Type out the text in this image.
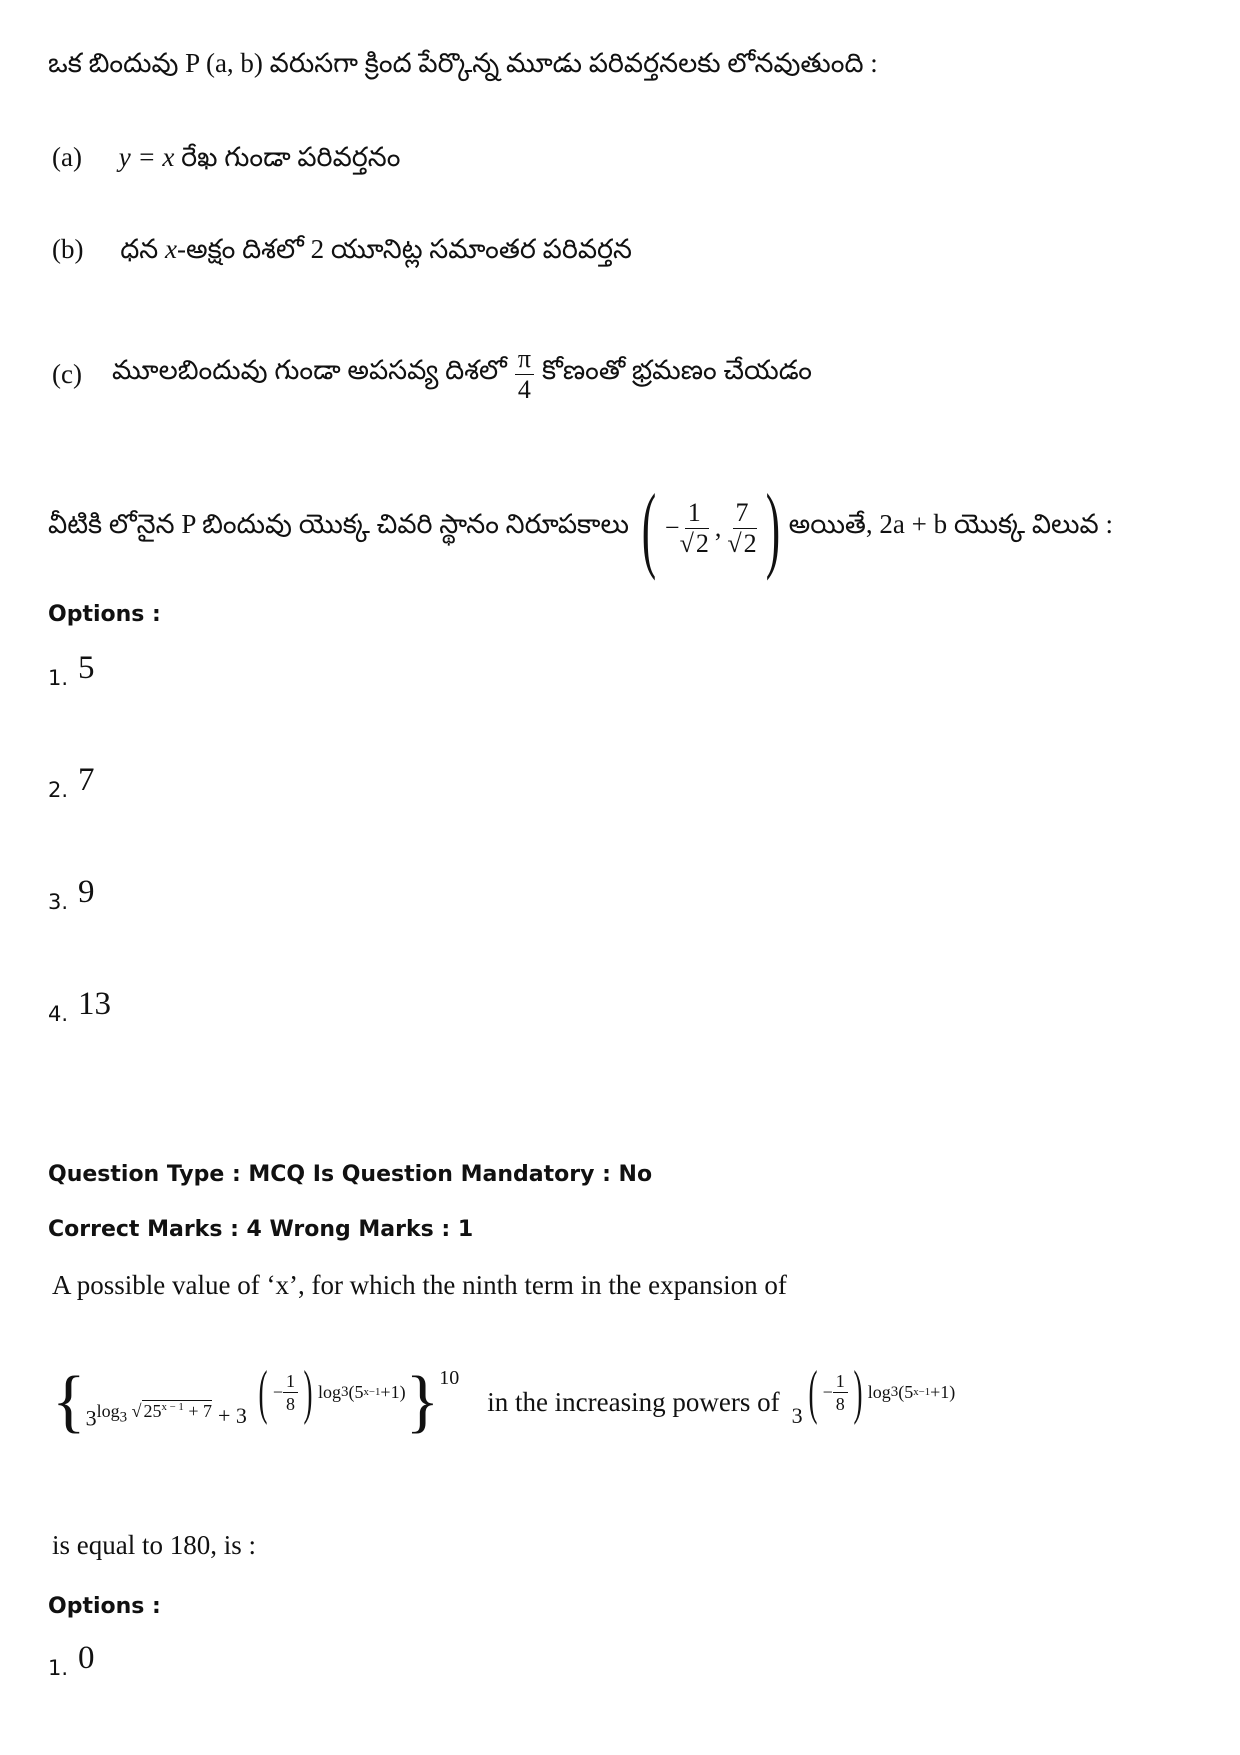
ఒక బిందువు P (a, b) వరుసగా క్రింద పేర్కొన్న మూడు పరివర్తనలకు లోనవుతుంది :
(a) y = x రేఖ గుండా పరివర్తనం
(b) ధన x-అక్షం దిశలో 2 యూనిట్ల సమాంతర పరివర్తన
(c) మూలబిందువు గుండా అపసవ్య దిశలో $\frac{\pi}{4}$ కోణంతో భ్రమణం చేయడం
వీటికి లోనైన P బిందువు యొక్క చివరి స్థానం నిరూపకాలు ( − $\frac{1}{√2}$ , $\frac{7}{√2}$ ) అయితే, 2a + b యొక్క విలువ :
Options :
1. 5
2. 7
3. 9
4. 13
Question Type : MCQ Is Question Mandatory : No
Correct Marks : 4 Wrong Marks : 1
A possible value of ‘x’, for which the ninth term in the expansion of
{ $3^{log_3 √ 25^{x - 1} + 7} + 3$ ( − $\frac{1}{8}$ ) log 3 (5 x−1 +1) } 10
in the increasing powers of 3 ( − $\frac{1}{8}$ ) log 3 (5 x−1 +1)
is equal to 180, is :
Options :
1. 0
